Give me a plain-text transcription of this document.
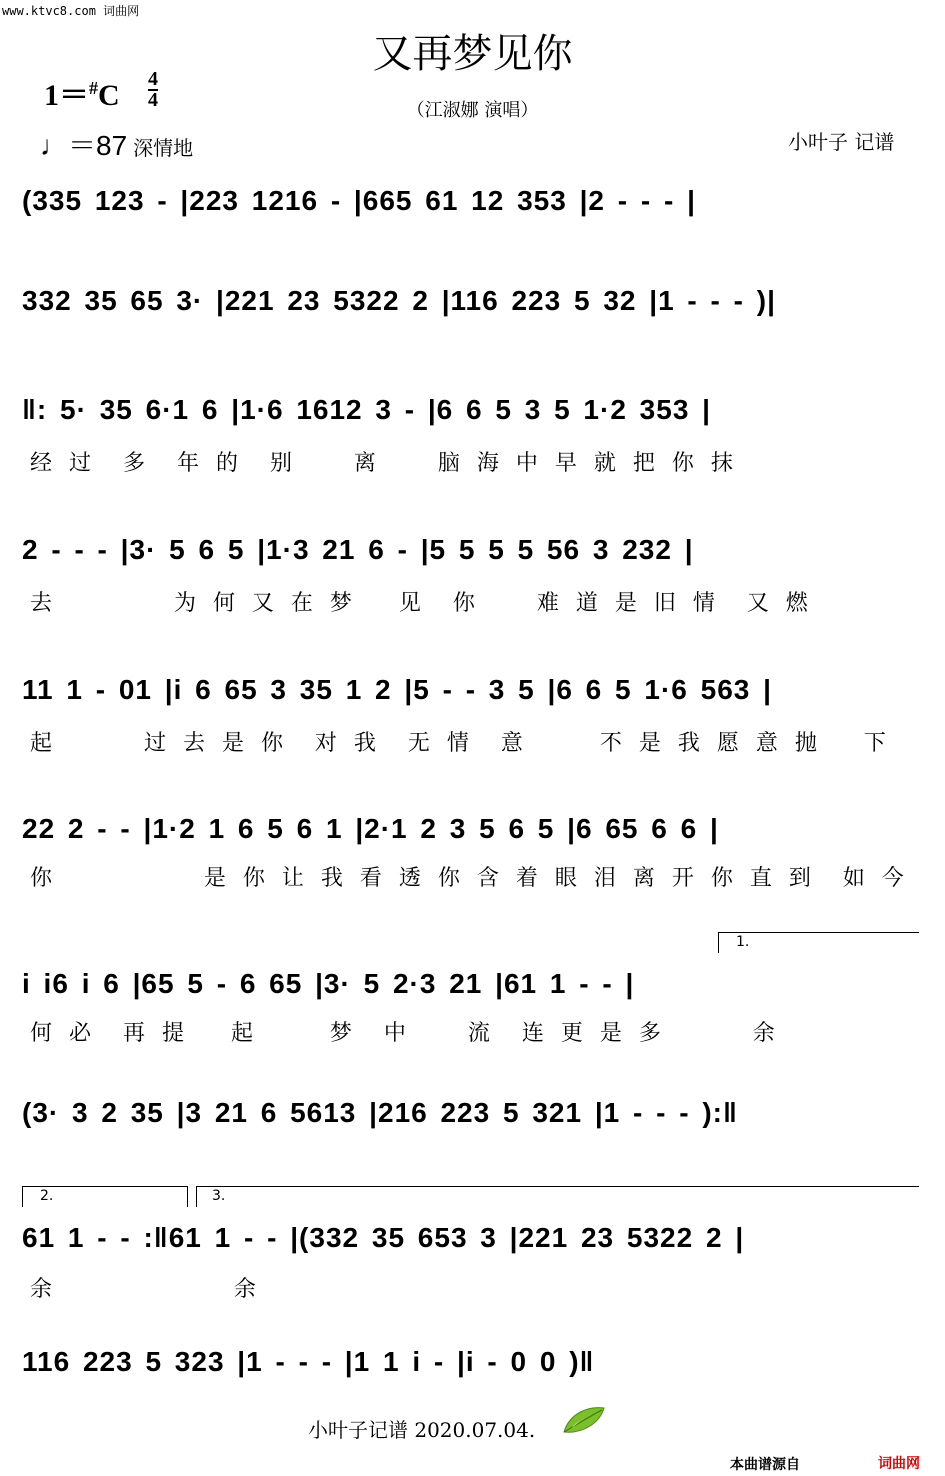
www.ktvc8.com 词曲网
又再梦见你
（江淑娜 演唱）
1＝#C 4
4
♩＝87 深情地	小叶子 记谱
(335 123 - |223 1216 - |665 61 12 353 |2 - - - |
332 35 65 3· |221 23 5322 2 |116 223 5 32 |1 - - - )|
‖: 5· 35 6·1 6 |1·6 1612 3 - |6 6 5 3 5 1·2 353 |
经 过  多  年 的  别    离    脑 海 中 早 就 把 你 抹
2 - - - |3· 5 6 5 |1·3 21 6 - |5 5 5 5 56 3 232 |
去        为 何 又 在 梦   见  你    难 道 是 旧 情  又 燃
11 1 - 01 |i 6 65 3 35 1 2 |5 - - 3 5 |6 6 5 1·6 563 |
起      过 去 是 你  对 我  无 情  意     不 是 我 愿 意 抛   下
22 2 - - |1·2 1 6 5 6 1 |2·1 2 3 5 6 5 |6 65 6 6 |
你          是 你 让 我 看 透 你 含 着 眼 泪 离 开 你 直 到  如 今
1.
i i6 i 6 |65 5 - 6 65 |3· 5 2·3 21 |61 1 - - |
何 必  再 提   起     梦  中    流  连 更 是 多      余
(3· 3 2 35 |3 21 6 5613 |216 223 5 321 |1 - - - ):‖
2.	3.
61 1 - - :‖61 1 - - |(332 35 653 3 |221 23 5322 2 |
余            余
116 223 5 323 |1 - - - |1 1 i - |i - 0 0 )‖
小叶子记谱 2020.07.04.
本曲谱源自	词曲网
